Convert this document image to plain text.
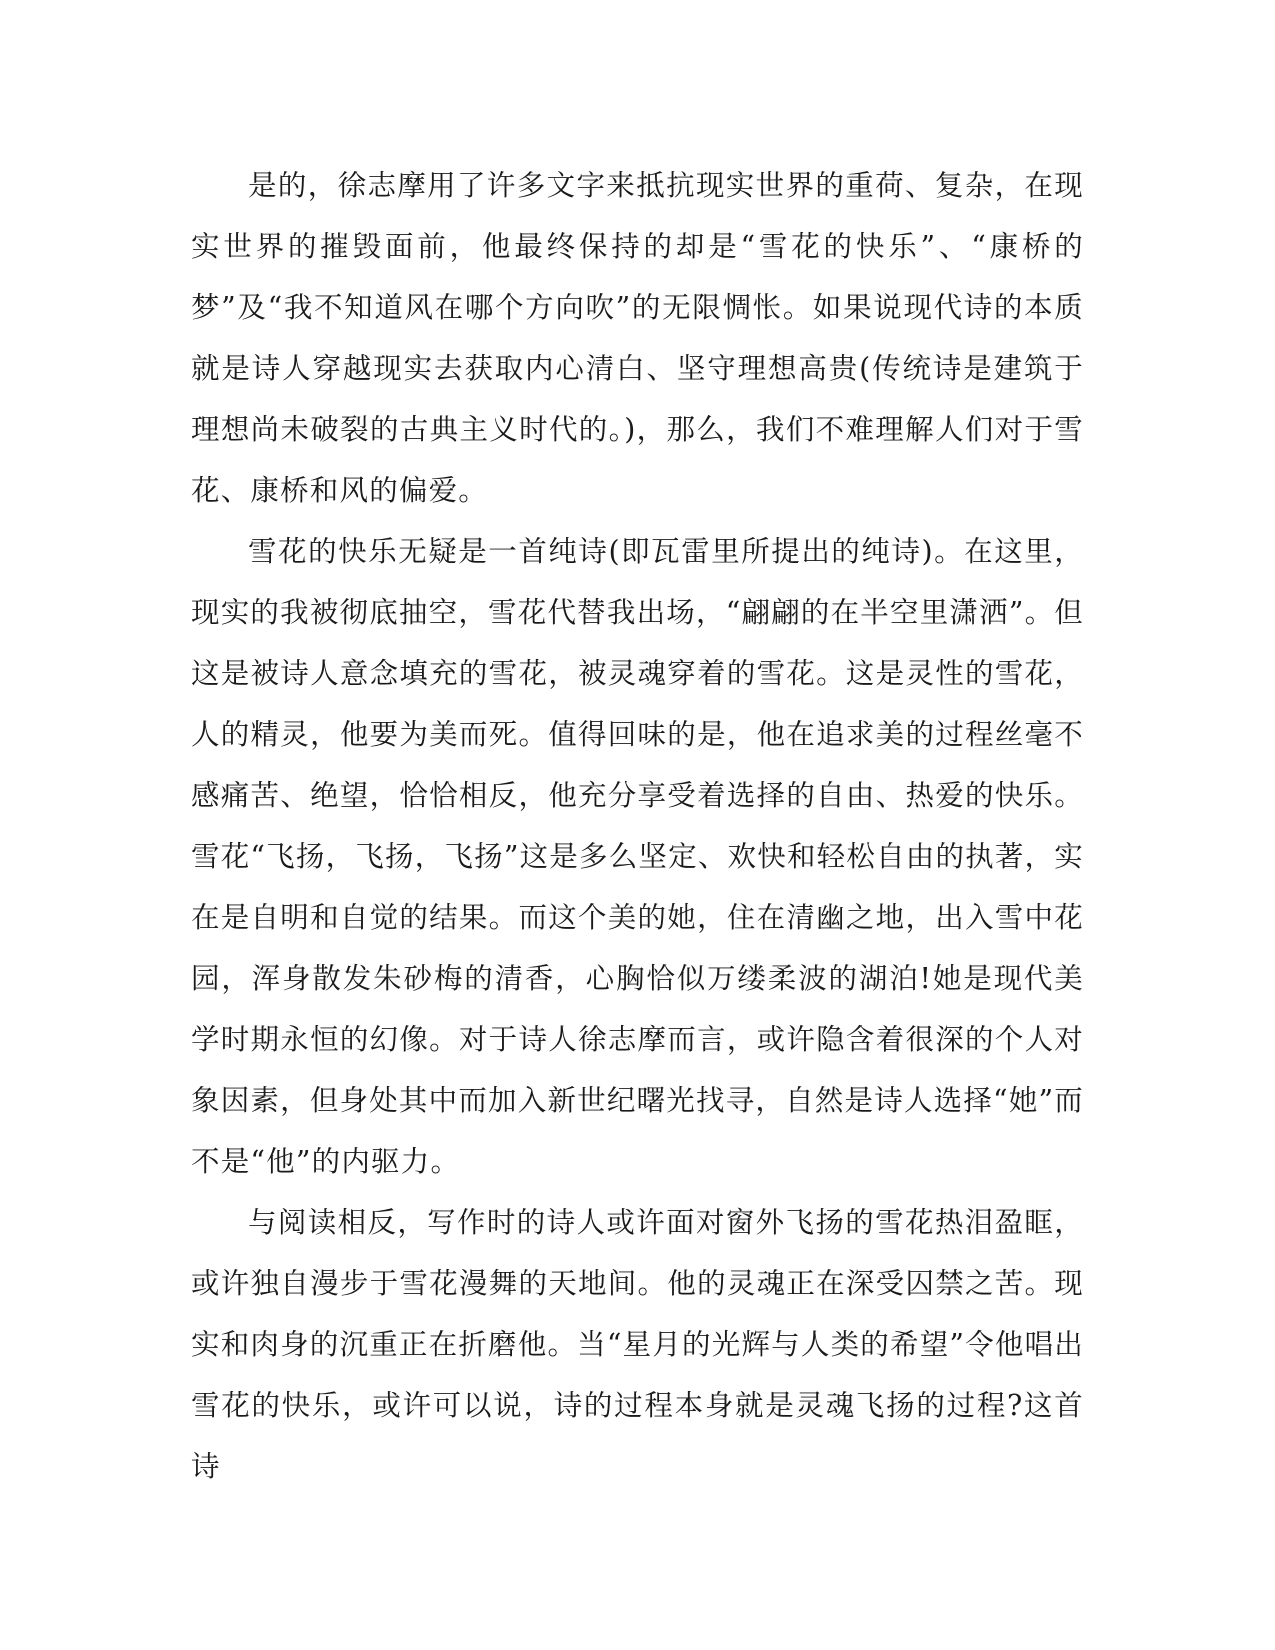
是的，徐志摩用了许多文字来抵抗现实世界的重荷、复杂，在现实世界的摧毁面前，他最终保持的却是“雪花的快乐”、“康桥的梦”及“我不知道风在哪个方向吹”的无限惆怅。如果说现代诗的本质就是诗人穿越现实去获取内心清白、坚守理想高贵(传统诗是建筑于理想尚未破裂的古典主义时代的。)，那么，我们不难理解人们对于雪花、康桥和风的偏爱。

雪花的快乐无疑是一首纯诗(即瓦雷里所提出的纯诗)。在这里，现实的我被彻底抽空，雪花代替我出场，“翩翩的在半空里潇洒”。但这是被诗人意念填充的雪花，被灵魂穿着的雪花。这是灵性的雪花，人的精灵，他要为美而死。值得回味的是，他在追求美的过程丝毫不感痛苦、绝望，恰恰相反，他充分享受着选择的自由、热爱的快乐。雪花“飞扬，飞扬，飞扬”这是多么坚定、欢快和轻松自由的执著，实在是自明和自觉的结果。而这个美的她，住在清幽之地，出入雪中花园，浑身散发朱砂梅的清香，心胸恰似万缕柔波的湖泊!她是现代美学时期永恒的幻像。对于诗人徐志摩而言，或许隐含着很深的个人对象因素，但身处其中而加入新世纪曙光找寻，自然是诗人选择“她”而不是“他”的内驱力。

与阅读相反，写作时的诗人或许面对窗外飞扬的雪花热泪盈眶，或许独自漫步于雪花漫舞的天地间。他的灵魂正在深受囚禁之苦。现实和肉身的沉重正在折磨他。当“星月的光辉与人类的希望”令他唱出雪花的快乐，或许可以说，诗的过程本身就是灵魂飞扬的过程?这首诗
